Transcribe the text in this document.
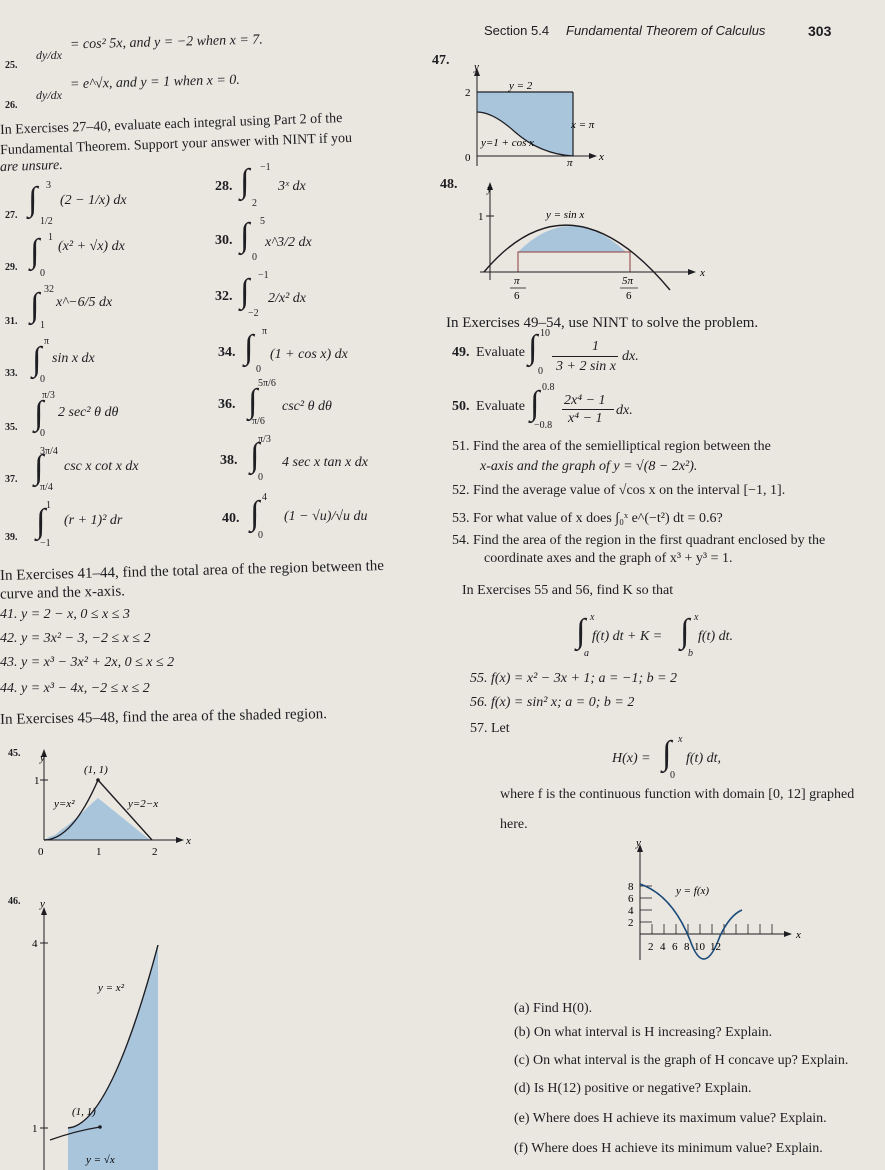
Section 5.4 Fundamental Theorem of Calculus	303
25.
dy/dx
= cos² 5x, and y = −2 when x = 7.
26.
dy/dx
= e^√x, and y = 1 when x = 0.
In Exercises 27–40, evaluate each integral using Part 2 of the
Fundamental Theorem. Support your answer with NINT if you
are unsure.
27. ∫ 3
1/2
(2 − 1/x) dx
28. ∫ −1
2
3ˣ dx
29. ∫ 1
0
(x² + √x) dx	30. ∫ 5
0
x^3/2 dx
31. ∫ 32
1
x^−6/5 dx	32. ∫ −1
−2
2/x² dx
33. ∫ π
0
sin x dx	34. ∫ π
0
(1 + cos x) dx
35. ∫
π/3
0
2 sec² θ dθ
36. ∫ 5π/6
π/6
csc² θ dθ
37. ∫
3π/4
π/4
csc x cot x dx	38. ∫
π/3
0
4 sec x tan x dx
39. ∫ 1
−1
(r + 1)² dr	40. ∫ 4
0
(1 − √u)/√u du
In Exercises 41–44, find the total area of the region between the
curve and the x-axis.
41. y = 2 − x, 0 ≤ x ≤ 3
42. y = 3x² − 3, −2 ≤ x ≤ 2
43. y = x³ − 3x² + 2x, 0 ≤ x ≤ 2
44. y = x³ − 4x, −2 ≤ x ≤ 2
In Exercises 45–48, find the area of the shaded region.
45. y
x
1
0	1	2
(1, 1)
y=x²	y=2−x
46. y
4
1
y = x²
(1, 1)
y = √x
47. y
2
0
y = 2
y=1 + cos x
x = π
π x
48.	y
1	y = sin x
x
π
6
5π
6
In Exercises 49–54, use NINT to solve the problem.
49. Evaluate ∫ 10
0
1
3 + 2 sin x
dx.
50. Evaluate ∫ 0.8
−0.8
2x⁴ − 1
x⁴ − 1
dx.
51. Find the area of the semielliptical region between the
x-axis and the graph of y = √(8 − 2x²).
52. Find the average value of √cos x on the interval [−1, 1].
53. For what value of x does ∫₀ˣ e^(−t²) dt = 0.6?
54. Find the area of the region in the first quadrant enclosed by the
coordinate axes and the graph of x³ + y³ = 1.
In Exercises 55 and 56, find K so that
∫ x
a
f(t) dt + K = ∫ x
b
f(t) dt.
55. f(x) = x² − 3x + 1; a = −1; b = 2
56. f(x) = sin² x; a = 0; b = 2
57. Let
H(x) = ∫ x
0
f(t) dt,
where f is the continuous function with domain [0, 12] graphed
here.
y
x
y = f(x)
8
6
4
2
2 4 6 8 10 12
(a) Find H(0).
(b) On what interval is H increasing? Explain.
(c) On what interval is the graph of H concave up? Explain.
(d) Is H(12) positive or negative? Explain.
(e) Where does H achieve its maximum value? Explain.
(f) Where does H achieve its minimum value? Explain.
